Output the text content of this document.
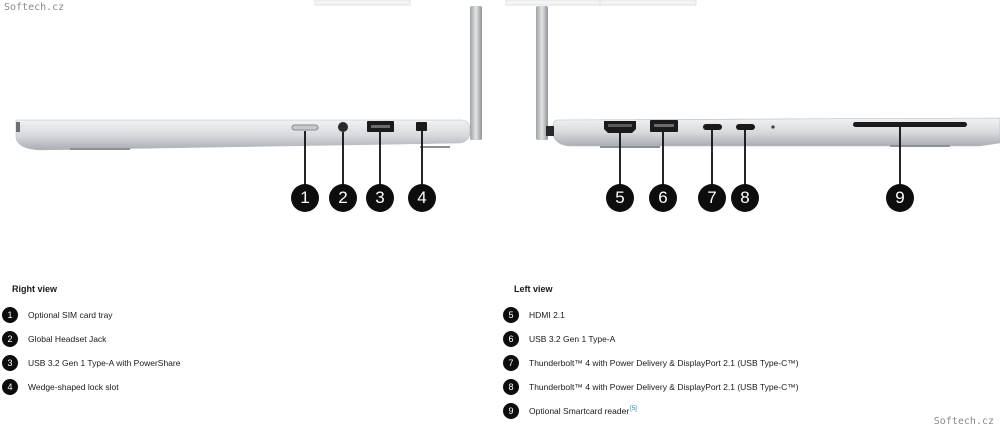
Softech.cz
Softech.cz
1	2	3	4	5	6	7	8	9
Right view
1	Optional SIM card tray
2	Global Headset Jack
3	USB 3.2 Gen 1 Type-A with PowerShare
4	Wedge-shaped lock slot
Left view
5	HDMI 2.1
6	USB 3.2 Gen 1 Type-A
7	Thunderbolt™ 4 with Power Delivery & DisplayPort 2.1 (USB Type-C™)
8	Thunderbolt™ 4 with Power Delivery & DisplayPort 2.1 (USB Type-C™)
9	Optional Smartcard reader[5]
